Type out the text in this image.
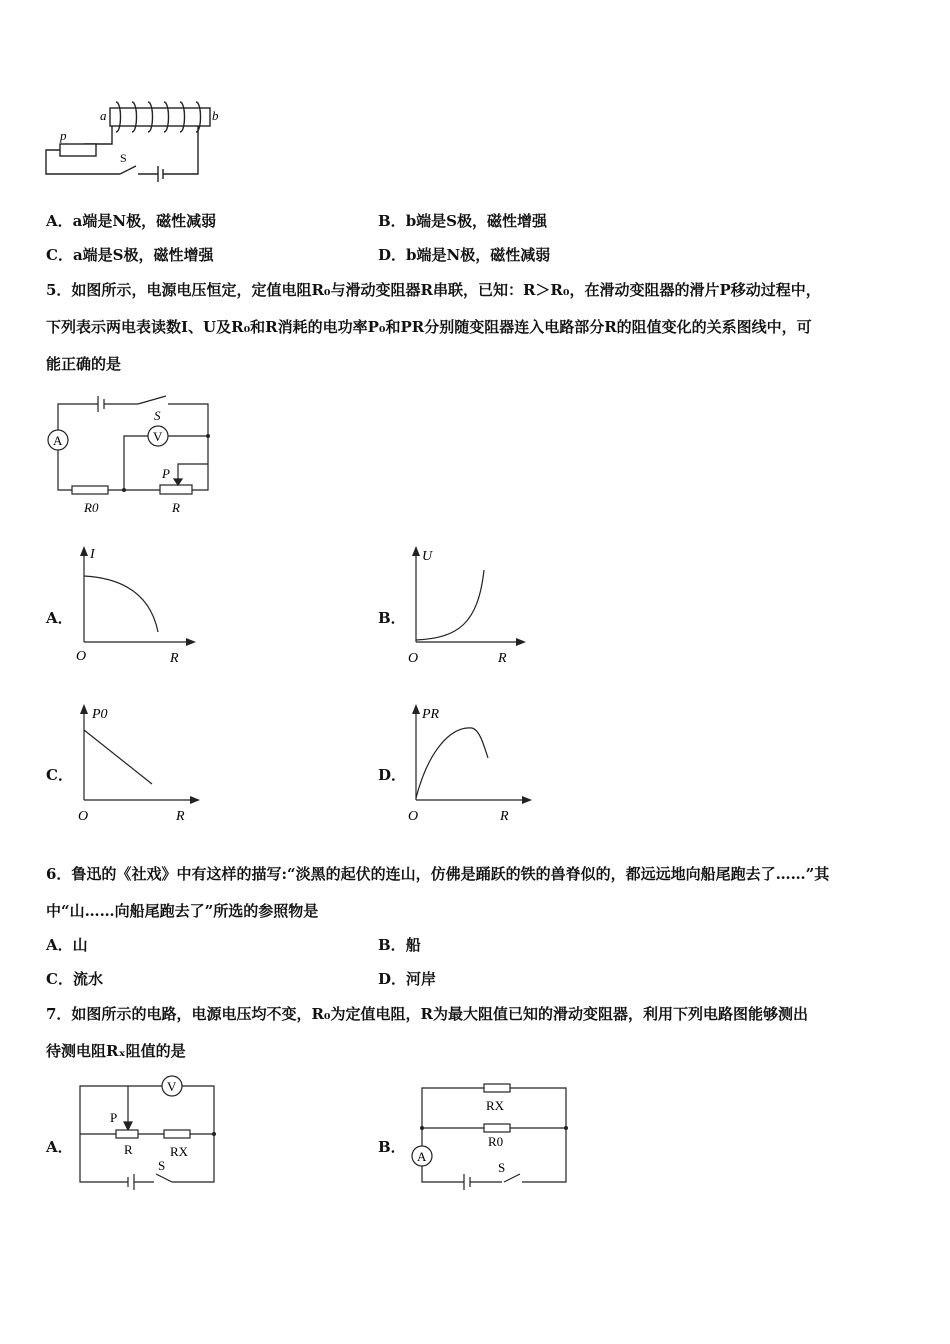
a	b
p
S
A．a端是N极，磁性减弱	B．b端是S极，磁性增强
C．a端是S极，磁性增强	D．b端是N极，磁性减弱
5．如图所示，电源电压恒定，定值电阻R₀与滑动变阻器R串联，已知：R＞R₀，在滑动变阻器的滑片P移动过程中，
下列表示两电表读数I、U及R₀和R消耗的电功率P₀和PR分别随变阻器连入电路部分R的阻值变化的关系图线中，可
能正确的是
A	V
S
P
R0	R
A．
I
R
O
B．
U
R
O
C．
P0
R
O
D．
PR
R
O
6．鲁迅的《社戏》中有这样的描写:“淡黑的起伏的连山，仿佛是踊跃的铁的兽脊似的，都远远地向船尾跑去了……”其
中“山……向船尾跑去了”所选的参照物是
A．山	B．船
C．流水	D．河岸
7．如图所示的电路，电源电压均不变，R₀为定值电阻，R为最大阻值已知的滑动变阻器，利用下列电路图能够测出
待测电阻Rₓ阻值的是
A．
V
P
R	RX
S
B．
RX
R0
A
S
